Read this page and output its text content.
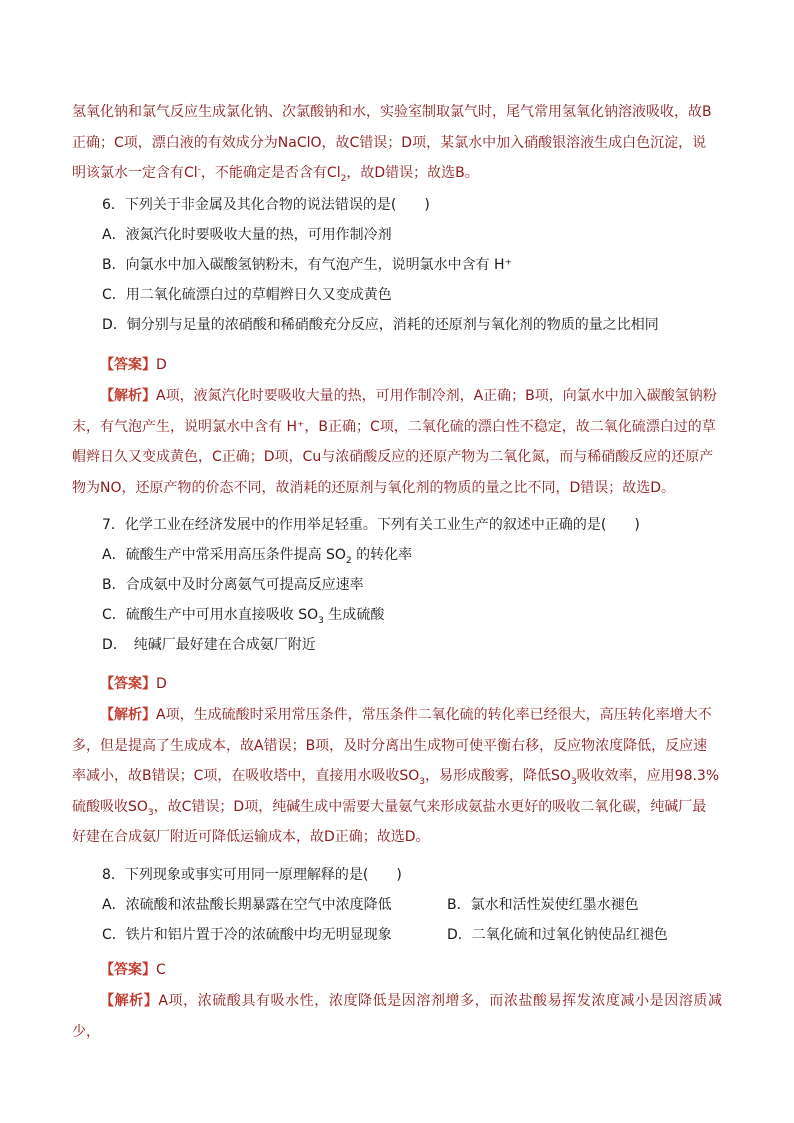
氢氧化钠和氯气反应生成氯化钠、次氯酸钠和水，实验室制取氯气时，尾气常用氢氧化钠溶液吸收，故B
正确；C项，漂白液的有效成分为NaClO，故C错误；D项，某氯水中加入硝酸银溶液生成白色沉淀，说
明该氯水一定含有Cl-，不能确定是否含有$Cl_2$，故D错误；故选B。
6．下列关于非金属及其化合物的说法错误的是(　　)
A．液氮汽化时要吸收大量的热，可用作制冷剂
B．向氯水中加入碳酸氢钠粉末，有气泡产生，说明氯水中含有 H⁺
C．用二氧化硫漂白过的草帽辫日久又变成黄色
D．铜分别与足量的浓硝酸和稀硝酸充分反应，消耗的还原剂与氧化剂的物质的量之比相同
【答案】D
【解析】A项，液氮汽化时要吸收大量的热，可用作制冷剂，A正确；B项，向氯水中加入碳酸氢钠粉
末，有气泡产生，说明氯水中含有 H⁺，B正确；C项，二氧化硫的漂白性不稳定，故二氧化硫漂白过的草
帽辫日久又变成黄色，C正确；D项，Cu与浓硝酸反应的还原产物为二氧化氮，而与稀硝酸反应的还原产
物为NO，还原产物的价态不同，故消耗的还原剂与氧化剂的物质的量之比不同，D错误；故选D。
7．化学工业在经济发展中的作用举足轻重。下列有关工业生产的叙述中正确的是(　　)
A．硫酸生产中常采用高压条件提高 $SO_2$ 的转化率
B．合成氨中及时分离氨气可提高反应速率
C．硫酸生产中可用水直接吸收 $SO_3$ 生成硫酸
D．　纯碱厂最好建在合成氨厂附近
【答案】D
【解析】A项，生成硫酸时采用常压条件，常压条件二氧化硫的转化率已经很大，高压转化率增大不
多，但是提高了生成成本，故A错误；B项，及时分离出生成物可使平衡右移，反应物浓度降低，反应速
率减小，故B错误；C项，在吸收塔中，直接用水吸收$SO_3$，易形成酸雾，降低$SO_3$吸收效率，应用98.3%
硫酸吸收$SO_3$，故C错误；D项，纯碱生成中需要大量氨气来形成氨盐水更好的吸收二氧化碳，纯碱厂最
好建在合成氨厂附近可降低运输成本，故D正确；故选D。
8．下列现象或事实可用同一原理解释的是(　　)
A．浓硫酸和浓盐酸长期暴露在空气中浓度降低	B．氯水和活性炭使红墨水褪色
C．铁片和铝片置于冷的浓硫酸中均无明显现象	D．二氧化硫和过氧化钠使品红褪色
【答案】C
【解析】A项，浓硫酸具有吸水性，浓度降低是因溶剂增多，而浓盐酸易挥发浓度减小是因溶质减少，
